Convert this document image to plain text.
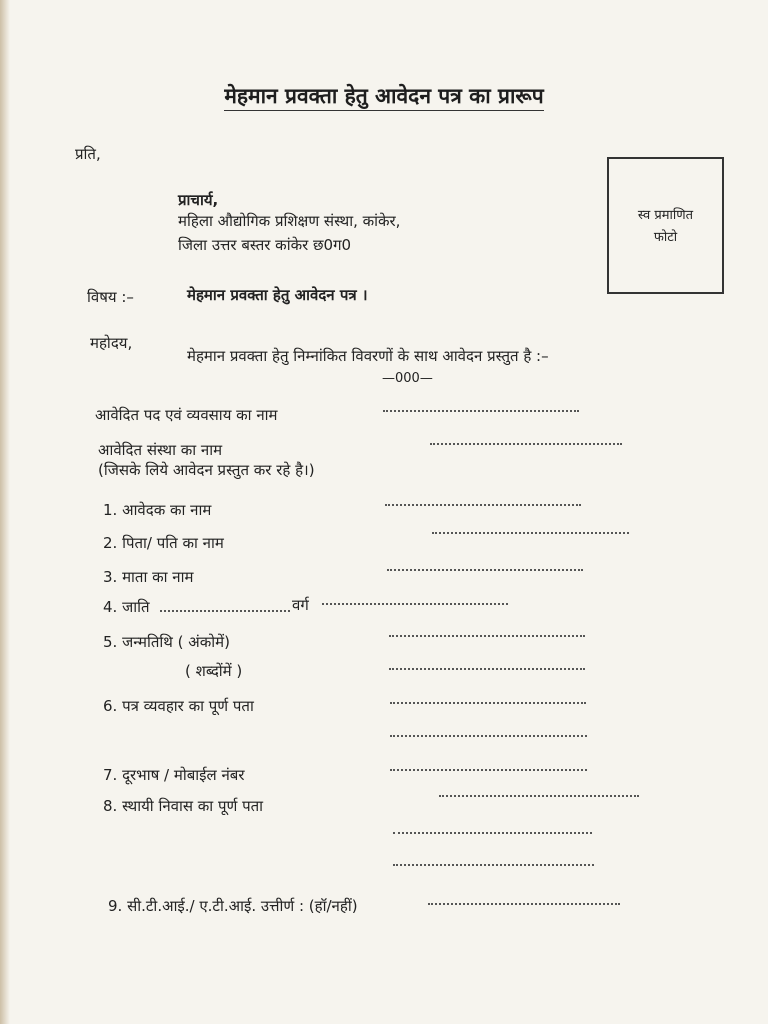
मेहमान प्रवक्ता हेतु आवेदन पत्र का प्रारूप
प्रति,
प्राचार्य,
महिला औद्योगिक प्रशिक्षण संस्था, कांकेर,
जिला उत्तर बस्तर कांकेर छ0ग0
स्व प्रमाणित
फोटो
विषय :–	मेहमान प्रवक्ता हेतु आवेदन पत्र ।
महोदय,
मेहमान प्रवक्ता हेतु निम्नांकित विवरणों के साथ आवेदन प्रस्तुत है :–
—000—
आवेदित पद एवं व्यवसाय का नाम
आवेदित संस्था का नाम
(जिसके लिये आवेदन प्रस्तुत कर रहे है।)
1. आवेदक का नाम
2. पिता/ पति का नाम
3. माता का नाम
4. जाति	वर्ग
5. जन्मतिथि ( अंकोमें)
( शब्दोंमें )
6. पत्र व्यवहार का पूर्ण पता
7. दूरभाष / मोबाईल नंबर
8. स्थायी निवास का पूर्ण पता
9. सी.टी.आई./ ए.टी.आई. उत्तीर्ण : (हॉ/नहीं)
